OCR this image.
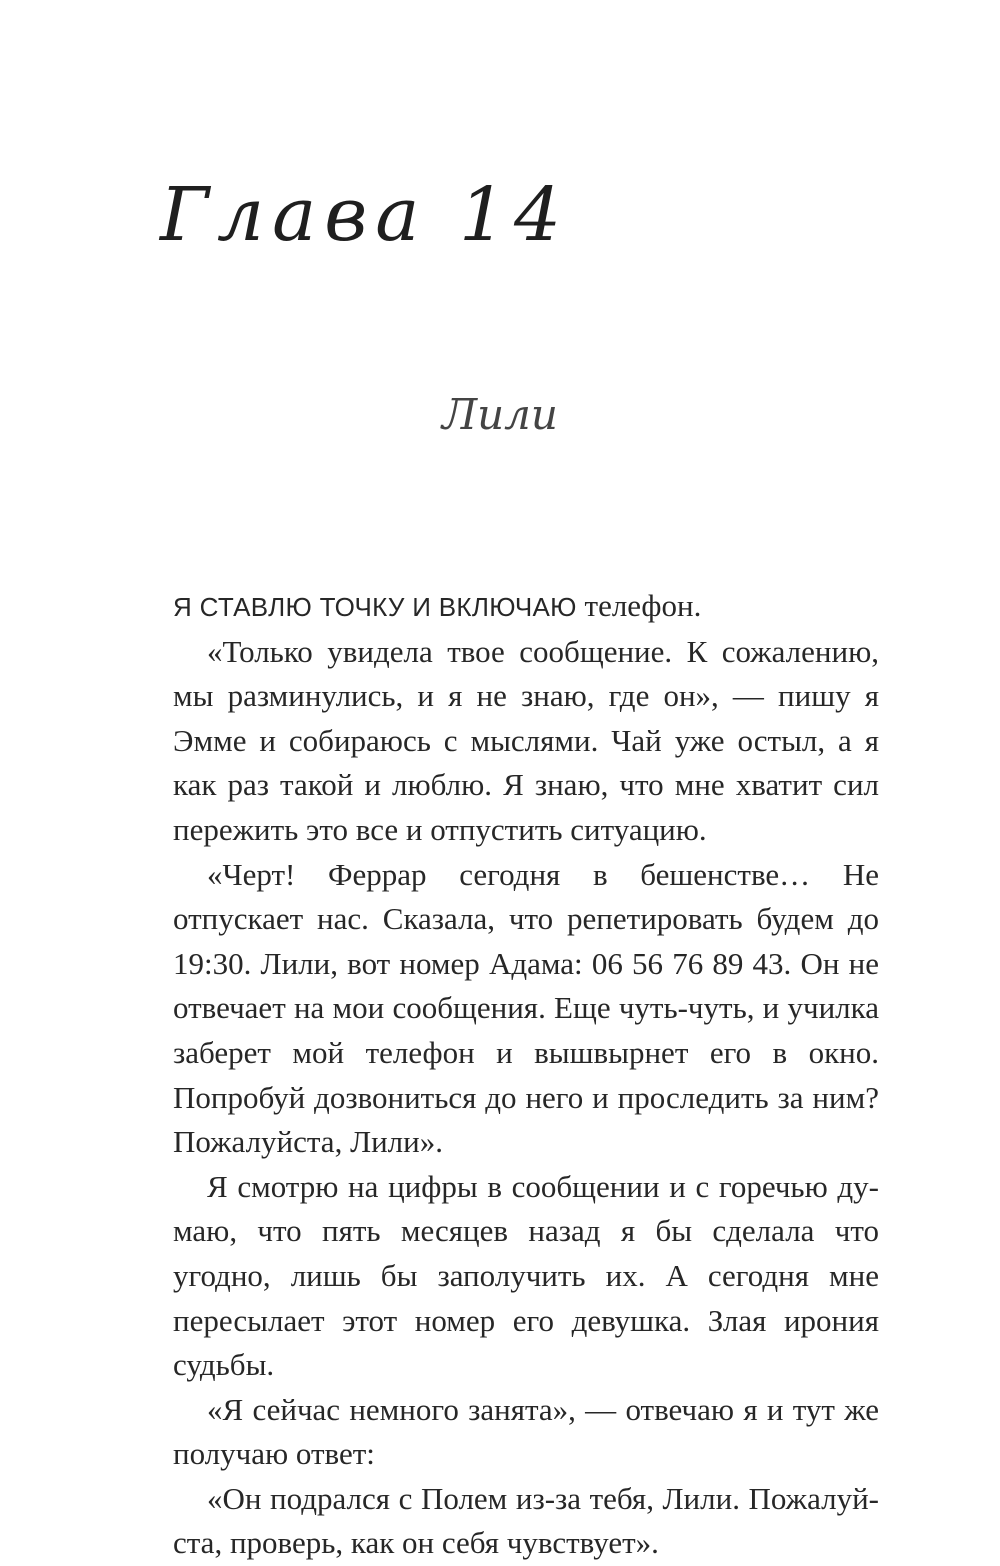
Глава 14
Лили

Я СТАВЛЮ ТОЧКУ И ВКЛЮЧАЮ телефон.

«Только увидела твое сообщение. К сожалению, мы разминулись, и я не знаю, где он», — пишу я Эмме и собираюсь с мыслями. Чай уже остыл, а я как раз такой и люблю. Я знаю, что мне хватит сил пережить это все и отпустить ситуацию.

«Черт! Феррар сегодня в бешенстве… Не отпускает нас. Сказала, что репетировать будем до 19:30. Лили, вот номер Адама: 06 56 76 89 43. Он не отвечает на мои сообщения. Еще чуть-чуть, и училка заберет мой телефон и вышвырнет его в окно. Попробуй дозвониться до него и проследить за ним? Пожалуйста, Лили».

Я смотрю на цифры в сообщении и с горечью думаю, что пять месяцев назад я бы сделала что угодно, лишь бы заполучить их. А сегодня мне пересылает этот номер его девушка. Злая ирония судьбы.

«Я сейчас немного занята», — отвечаю я и тут же получаю ответ:

«Он подрался с Полем из-за тебя, Лили. Пожалуйста, проверь, как он себя чувствует».
